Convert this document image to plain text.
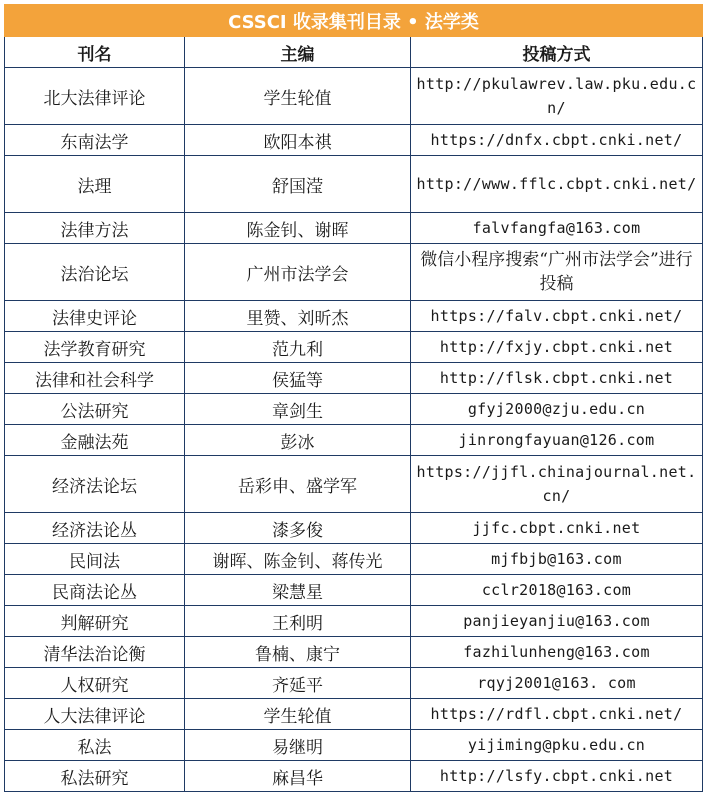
CSSCI 收录集刊目录 • 法学类		
刊名	主编	投稿方式
北大法律评论	学生轮值	http://pkulawrev.law.pku.edu.cn/
东南法学	欧阳本祺	https://dnfx.cbpt.cnki.net/
法理	舒国滢	http://www.fflc.cbpt.cnki.net/
法律方法	陈金钊、谢晖	falvfangfa@163.com
法治论坛	广州市法学会	微信小程序搜索“广州市法学会”进行投稿
法律史评论	里赞、刘昕杰	https://falv.cbpt.cnki.net/
法学教育研究	范九利	http://fxjy.cbpt.cnki.net
法律和社会科学	侯猛等	http://flsk.cbpt.cnki.net
公法研究	章剑生	gfyj2000@zju.edu.cn
金融法苑	彭冰	jinrongfayuan@126.com
经济法论坛	岳彩申、盛学军	https://jjfl.chinajournal.net.cn/
经济法论丛	漆多俊	jjfc.cbpt.cnki.net
民间法	谢晖、陈金钊、蒋传光	mjfbjb@163.com
民商法论丛	梁慧星	cclr2018@163.com
判解研究	王利明	panjieyanjiu@163.com
清华法治论衡	鲁楠、康宁	fazhilunheng@163.com
人权研究	齐延平	rqyj2001@163. com
人大法律评论	学生轮值	https://rdfl.cbpt.cnki.net/
私法	易继明	yijiming@pku.edu.cn
私法研究	麻昌华	http://lsfy.cbpt.cnki.net
